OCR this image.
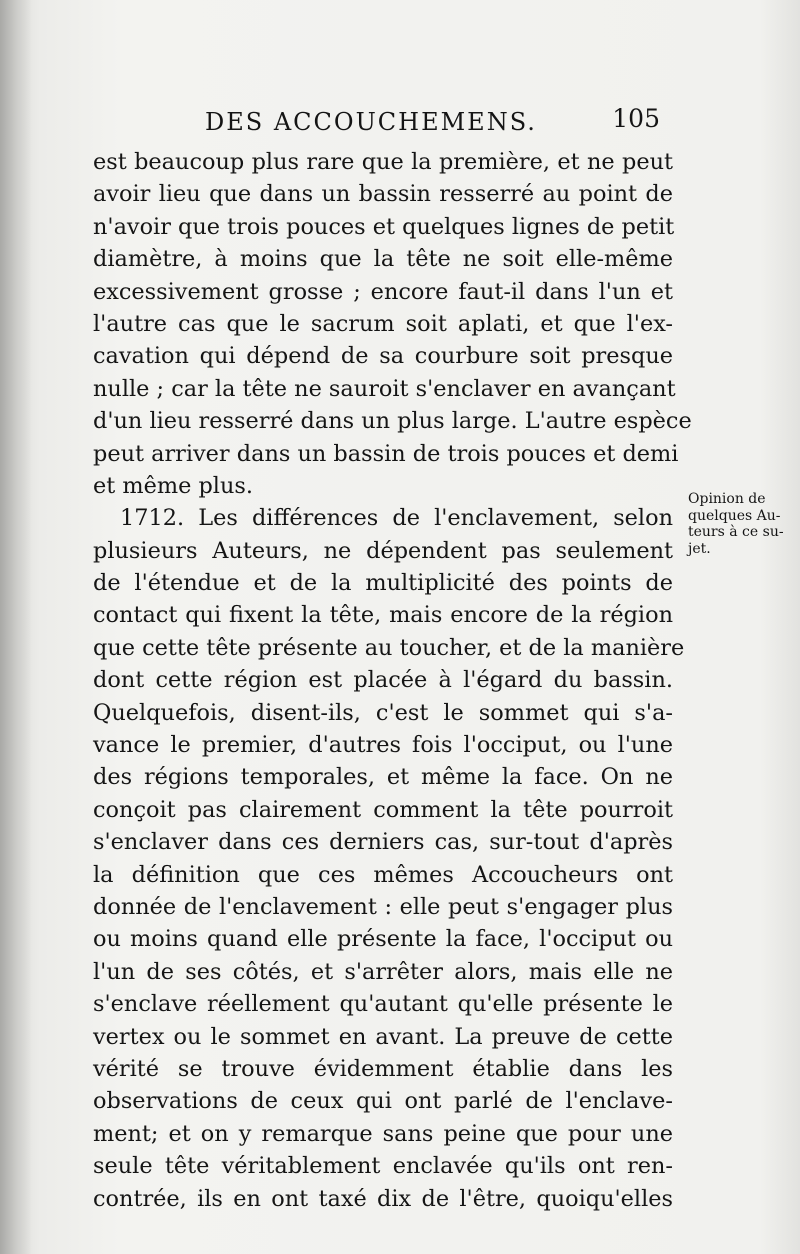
DES ACCOUCHEMENS.	105
est beaucoup plus rare que la première, et ne peut
avoir lieu que dans un bassin resserré au point de
n'avoir que trois pouces et quelques lignes de petit
diamètre, à moins que la tête ne soit elle-même
excessivement grosse ; encore faut-il dans l'un et
l'autre cas que le sacrum soit aplati, et que l'ex-
cavation qui dépend de sa courbure soit presque
nulle ; car la tête ne sauroit s'enclaver en avançant
d'un lieu resserré dans un plus large. L'autre espèce
peut arriver dans un bassin de trois pouces et demi
et même plus.
1712. Les différences de l'enclavement, selon
plusieurs Auteurs, ne dépendent pas seulement
de l'étendue et de la multiplicité des points de
contact qui fixent la tête, mais encore de la région
que cette tête présente au toucher, et de la manière
dont cette région est placée à l'égard du bassin.
Quelquefois, disent-ils, c'est le sommet qui s'a-
vance le premier, d'autres fois l'occiput, ou l'une
des régions temporales, et même la face. On ne
conçoit pas clairement comment la tête pourroit
s'enclaver dans ces derniers cas, sur-tout d'après
la définition que ces mêmes Accoucheurs ont
donnée de l'enclavement : elle peut s'engager plus
ou moins quand elle présente la face, l'occiput ou
l'un de ses côtés, et s'arrêter alors, mais elle ne
s'enclave réellement qu'autant qu'elle présente le
vertex ou le sommet en avant. La preuve de cette
vérité se trouve évidemment établie dans les
observations de ceux qui ont parlé de l'enclave-
ment; et on y remarque sans peine que pour une
seule tête véritablement enclavée qu'ils ont ren-
contrée, ils en ont taxé dix de l'être, quoiqu'elles
Opinion de
quelques Au-
teurs à ce su-
jet.
